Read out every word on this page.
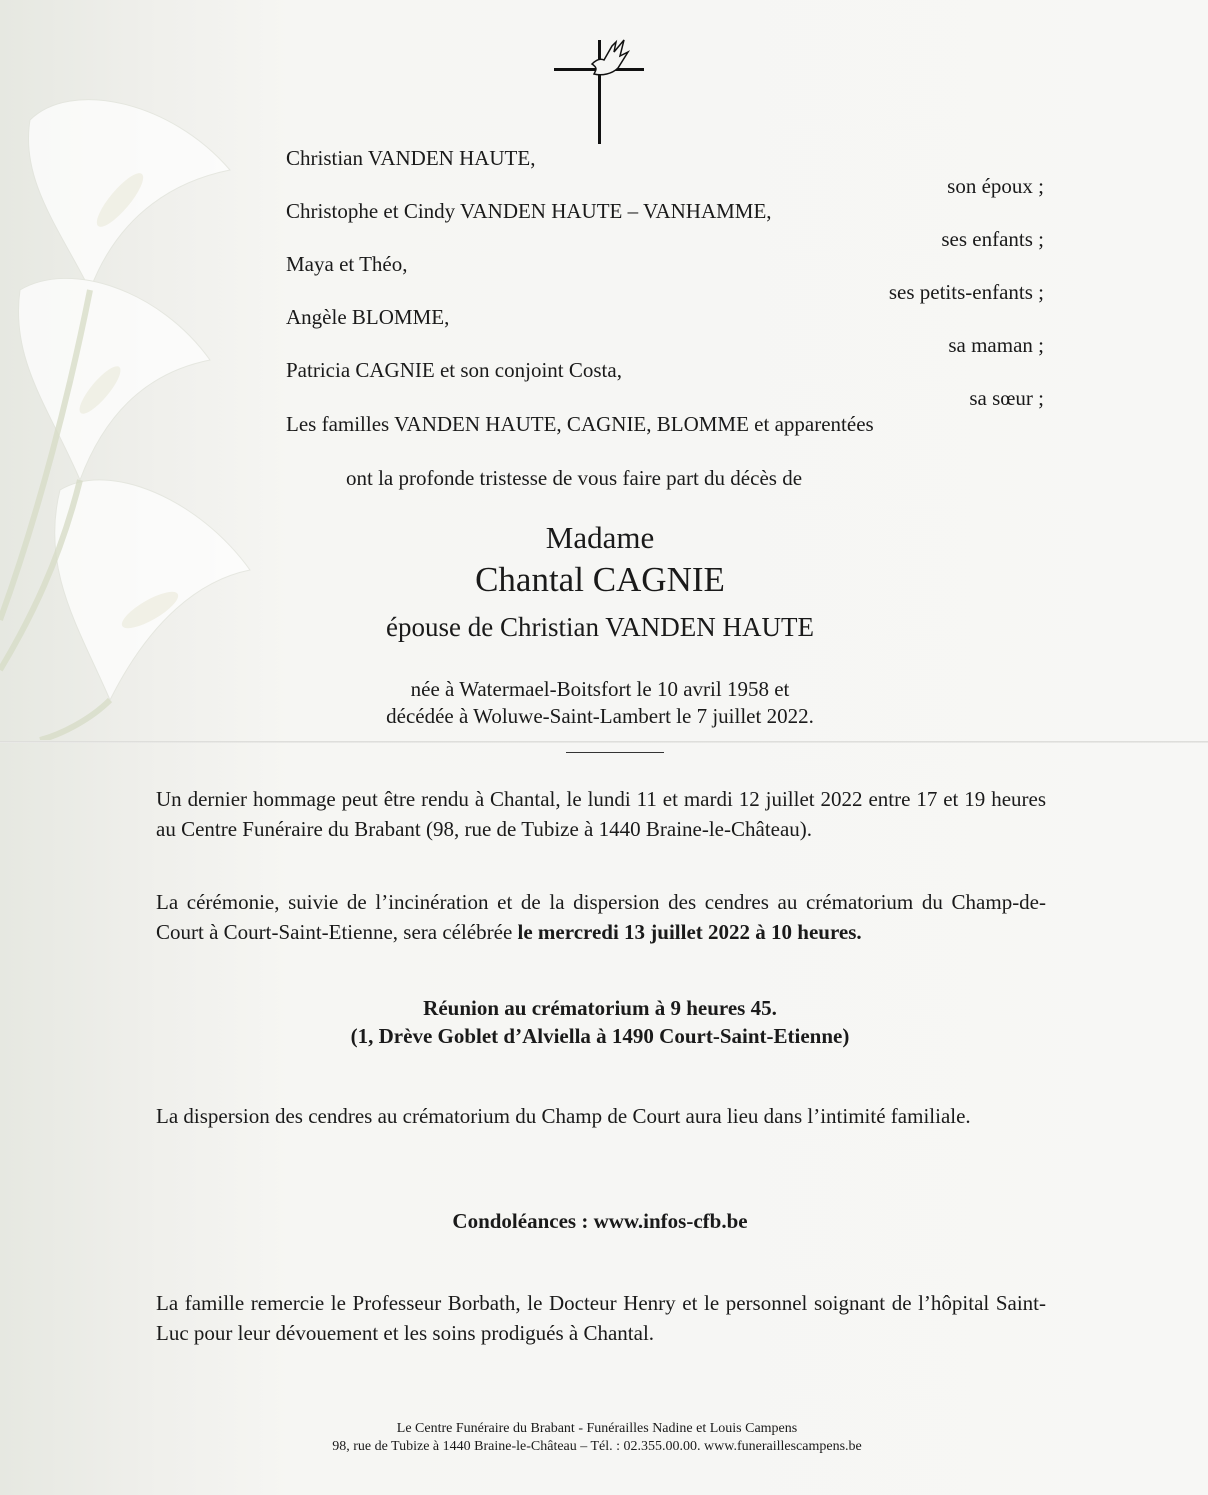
Christian VANDEN HAUTE,
son époux ;
Christophe et Cindy VANDEN HAUTE – VANHAMME,
ses enfants ;
Maya et Théo,
ses petits-enfants ;
Angèle BLOMME,
sa maman ;
Patricia CAGNIE et son conjoint Costa,
sa sœur ;
Les familles VANDEN HAUTE, CAGNIE, BLOMME et apparentées
ont la profonde tristesse de vous faire part du décès de
Madame
Chantal CAGNIE
épouse de Christian VANDEN HAUTE
née à Watermael-Boitsfort le 10 avril 1958 et
décédée à Woluwe-Saint-Lambert le 7 juillet 2022.
Un dernier hommage peut être rendu à Chantal, le lundi 11 et mardi 12 juillet 2022 entre 17 et 19 heures au Centre Funéraire du Brabant (98, rue de Tubize à 1440 Braine-le-Château).
La cérémonie, suivie de l’incinération et de la dispersion des cendres au crématorium du Champ-de-Court à Court-Saint-Etienne, sera célébrée le mercredi 13 juillet 2022 à 10 heures.
Réunion au crématorium à 9 heures 45.
(1, Drève Goblet d’Alviella à 1490 Court-Saint-Etienne)
La dispersion des cendres au crématorium du Champ de Court aura lieu dans l’intimité familiale.
Condoléances : www.infos-cfb.be
La famille remercie le Professeur Borbath, le Docteur Henry et le personnel soignant de l’hôpital Saint-Luc pour leur dévouement et les soins prodigués à Chantal.
Le Centre Funéraire du Brabant - Funérailles Nadine et Louis Campens
98, rue de Tubize à 1440 Braine-le-Château – Tél. : 02.355.00.00. www.funeraillescampens.be
